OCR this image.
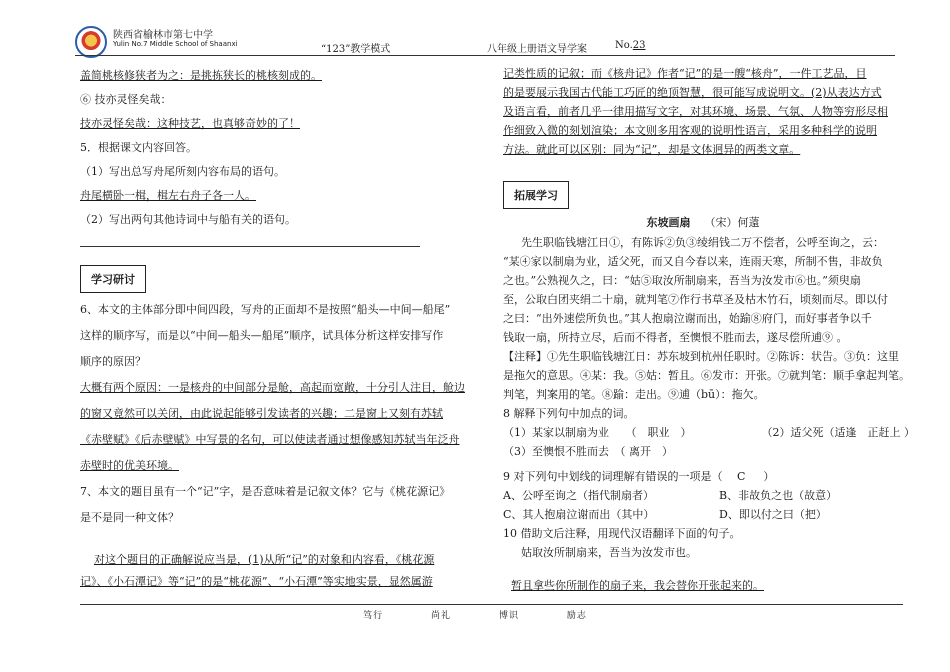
陕西省榆林市第七中学
Yulin No.7 Middle School of Shaanxi	“123”教学模式	八年级上册语文导学案	No.23

盖简桃核修狭者为之：是挑拣狭长的桃核刻成的。

⑥ 技亦灵怪矣哉：

技亦灵怪矣哉：这种技艺，也真够奇妙的了！

5．根据课文内容回答。

（1）写出总写舟尾所刻内容布局的语句。

舟尾横卧一楫，楫左右舟子各一人。

（2）写出两句其他诗词中与船有关的语句。

学习研讨

6、本文的主体部分即中间四段，写舟的正面却不是按照“船头—中间—船尾”

这样的顺序写，而是以“中间—船头—船尾”顺序，试具体分析这样安排写作

顺序的原因？

大概有两个原因：一是核舟的中间部分是舱，高起而宽敞，十分引人注目，舱边

的窗又竟然可以关闭，由此说起能够引发读者的兴趣；二是窗上又刻有苏轼

《赤壁赋》《后赤壁赋》中写景的名句，可以使读者通过想像感知苏轼当年泛舟

赤壁时的优美环境。

7、本文的题目虽有一个“记”字，是否意味着是记叙文体？它与《桃花源记》

是不是同一种文体？

对这个题目的正确解说应当是，(1)从所“记”的对象和内容看，《桃花源

记》、《小石潭记》等“记”的是“桃花源”、“小石潭”等实地实景，显然属游

记类性质的记叙；而《核舟记》作者“记”的是一艘“核舟”，一件工艺品，目

的是要展示我国古代能工巧匠的绝顶智慧，很可能写成说明文。(2)从表达方式

及语言看，前者几乎一律用描写文字，对其环境、场景、气氛、人物等穷形尽相

作细致入微的刻划渲染；本文则多用客观的说明性语言，采用多种科学的说明

方法。就此可以区别：同为“记”，却是文体迥异的两类文章。

拓展学习
东坡画扇 （宋）何薳

先生职临钱塘江日①，有陈诉②负③绫绢钱二万不偿者，公呼至询之，云：

“某④家以制扇为业，适父死，而又自今春以来，连雨天寒，所制不售，非故负

之也。”公熟视久之，曰：“姑⑤取汝所制扇来，吾当为汝发市⑥也。”须臾扇

至，公取白团夹绢二十扇，就判笔⑦作行书草圣及枯木竹石，顷刻而尽。即以付

之曰：“出外速偿所负也。”其人抱扇泣谢而出，始踰⑧府门，而好事者争以千

钱取一扇，所持立尽，后而不得者，至懊恨不胜而去，遂尽偿所逋⑨ 。

【注释】①先生职临钱塘江日：苏东坡到杭州任职时。②陈诉：状告。③负：这里

是拖欠的意思。④某：我。⑤姑：暂且。⑥发市：开张。⑦就判笔：顺手拿起判笔。

判笔，判案用的笔。⑧踰：走出。⑨逋（bū）：拖欠。

8 解释下列句中加点的词。

（1）某家以制扇为业　　（　职业　）	（2）适父死（适逢　正赶上 ）

（3）至懊恨不胜而去　（ 离开　）

9 对下列句中划线的词理解有错误的一项是（　 C 　 ）

A、公呼至询之（指代制扇者）	B、非故负之也（故意）

C、其人抱扇泣谢而出（其中）	D、即以付之曰（把）

10 借助文后注释，用现代汉语翻译下面的句子。

姑取汝所制扇来，吾当为汝发市也。

暂且拿些你所制作的扇子来，我会替你开张起来的。

笃行	尚礼	博识	励志
